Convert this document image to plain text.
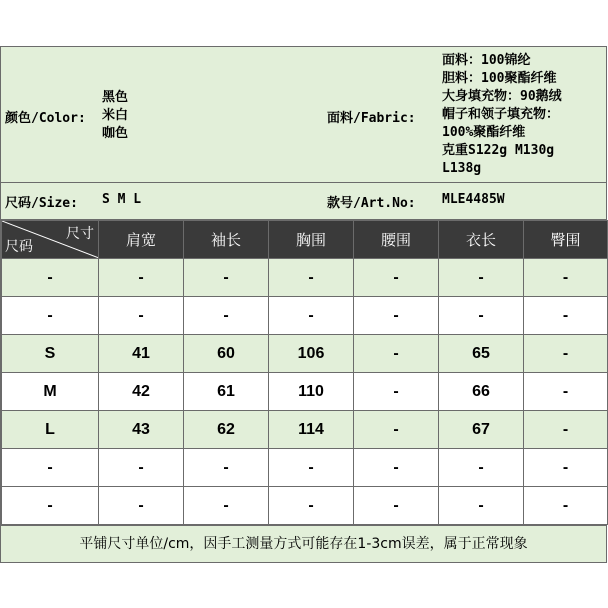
颜色/Color:
黑色
米白
咖色
面料/Fabric:
面料：100锦纶
胆料：100聚酯纤维
大身填充物：90鹅绒
帽子和领子填充物：
100%聚酯纤维
克重S122g M130g
L138g
尺码/Size: S M L	款号/Art.No: MLE4485W
尺寸
尺码	肩宽	袖长	胸围	腰围	衣长	臀围
-	-	-	-	-	-	-
-	-	-	-	-	-	-
S	41	60	106	-	65	-
M	42	61	110	-	66	-
L	43	62	114	-	67	-
-	-	-	-	-	-	-
-	-	-	-	-	-	-
平铺尺寸单位/cm，因手工测量方式可能存在1-3cm误差，属于正常现象
